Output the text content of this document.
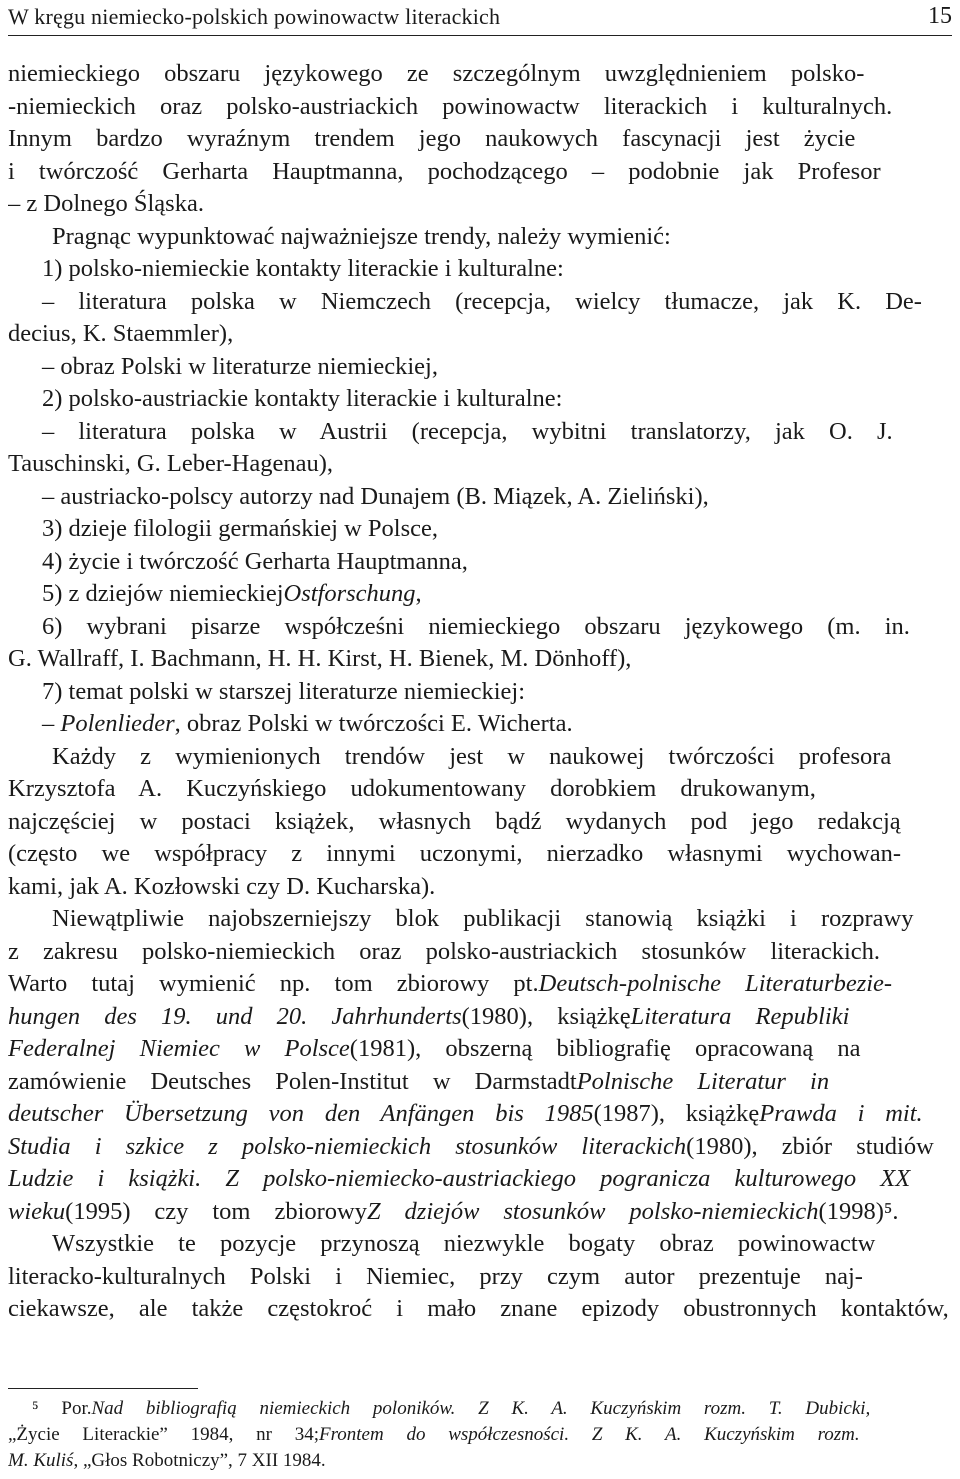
W kręgu niemiecko-polskich powinowactw literackich	15
niemieckiego obszaru językowego ze szczególnym uwzględnieniem polsko-
-niemieckich oraz polsko-austriackich powinowactw literackich i kulturalnych.
Innym bardzo wyraźnym trendem jego naukowych fascynacji jest życie
i twórczość Gerharta Hauptmanna, pochodzącego – podobnie jak Profesor
– z Dolnego Śląska.
Pragnąc wypunktować najważniejsze trendy, należy wymienić:
1) polsko-niemieckie kontakty literackie i kulturalne:
– literatura polska w Niemczech (recepcja, wielcy tłumacze, jak K. De-
decius, K. Staemmler),
– obraz Polski w literaturze niemieckiej,
2) polsko-austriackie kontakty literackie i kulturalne:
– literatura polska w Austrii (recepcja, wybitni translatorzy, jak O. J.
Tauschinski, G. Leber-Hagenau),
– austriacko-polscy autorzy nad Dunajem (B. Miązek, A. Zieliński),
3) dzieje filologii germańskiej w Polsce,
4) życie i twórczość Gerharta Hauptmanna,
5) z dziejów niemieckiejOstforschung,
6) wybrani pisarze współcześni niemieckiego obszaru językowego (m. in.
G. Wallraff, I. Bachmann, H. H. Kirst, H. Bienek, M. Dönhoff),
7) temat polski w starszej literaturze niemieckiej:
– Polenlieder, obraz Polski w twórczości E. Wicherta.
Każdy z wymienionych trendów jest w naukowej twórczości profesora
Krzysztofa A. Kuczyńskiego udokumentowany dorobkiem drukowanym,
najczęściej w postaci książek, własnych bądź wydanych pod jego redakcją
(często we współpracy z innymi uczonymi, nierzadko własnymi wychowan-
kami, jak A. Kozłowski czy D. Kucharska).
Niewątpliwie najobszerniejszy blok publikacji stanowią książki i rozprawy
z zakresu polsko-niemieckich oraz polsko-austriackich stosunków literackich.
Warto tutaj wymienić np. tom zbiorowy pt.Deutsch-polnische Literaturbezie-
hungen des 19. und 20. Jahrhunderts(1980), książkęLiteratura Republiki
Federalnej Niemiec w Polsce(1981), obszerną bibliografię opracowaną na
zamówienie Deutsches Polen-Institut w DarmstadtPolnische Literatur in
deutscher Übersetzung von den Anfängen bis 1985(1987), książkęPrawda i mit.
Studia i szkice z polsko-niemieckich stosunków literackich(1980), zbiór studiów
Ludzie i książki. Z polsko-niemiecko-austriackiego pogranicza kulturowego XX
wieku(1995) czy tom zbiorowyZ dziejów stosunków polsko-niemieckich(1998)⁵.
Wszystkie te pozycje przynoszą niezwykle bogaty obraz powinowactw
literacko-kulturalnych Polski i Niemiec, przy czym autor prezentuje naj-
ciekawsze, ale także częstokroć i mało znane epizody obustronnych kontaktów,
⁵ Por.Nad bibliografią niemieckich poloników. Z K. A. Kuczyńskim rozm. T. Dubicki,
„Życie Literackie” 1984, nr 34;Frontem do współczesności. Z K. A. Kuczyńskim rozm.
M. Kuliś, „Głos Robotniczy”, 7 XII 1984.
